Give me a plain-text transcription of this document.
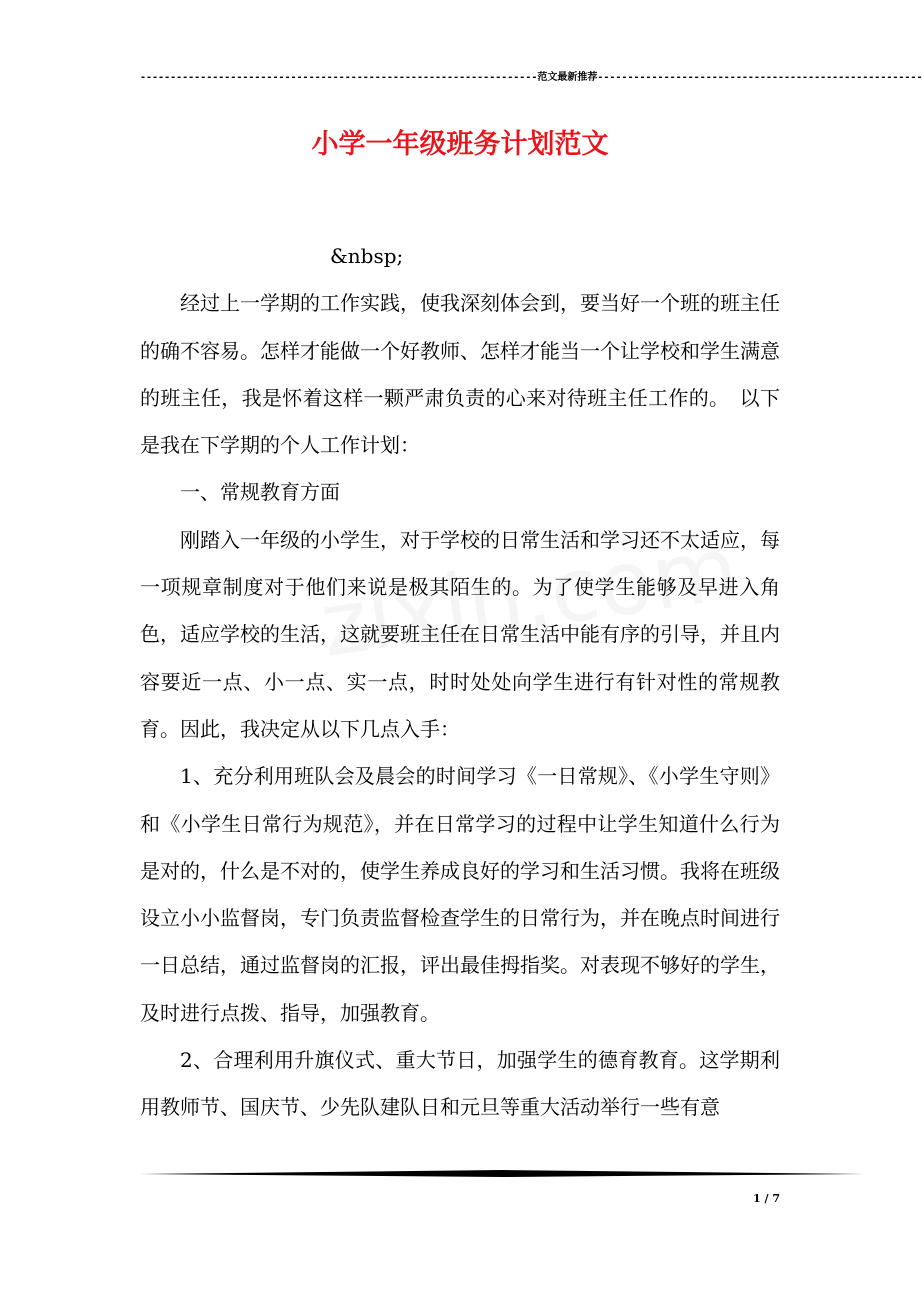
------------------------------------------------------------------范文最新推荐------------------------------------------------------
小学一年级班务计划范文

&nbsp;

经过上一学期的工作实践，使我深刻体会到，要当好一个班的班主任的确不容易。怎样才能做一个好教师、怎样才能当一个让学校和学生满意的班主任，我是怀着这样一颗严肃负责的心来对待班主任工作的。　以下是我在下学期的个人工作计划：

一、常规教育方面

刚踏入一年级的小学生，对于学校的日常生活和学习还不太适应，每一项规章制度对于他们来说是极其陌生的。为了使学生能够及早进入角色，适应学校的生活，这就要班主任在日常生活中能有序的引导，并且内容要近一点、小一点、实一点，时时处处向学生进行有针对性的常规教育。因此，我决定从以下几点入手：

1、充分利用班队会及晨会的时间学习《一日常规》、《小学生守则》和《小学生日常行为规范》，并在日常学习的过程中让学生知道什么行为是对的，什么是不对的，使学生养成良好的学习和生活习惯。我将在班级设立小小监督岗，专门负责监督检查学生的日常行为，并在晚点时间进行一日总结，通过监督岗的汇报，评出最佳拇指奖。对表现不够好的学生，及时进行点拨、指导，加强教育。

2、合理利用升旗仪式、重大节日，加强学生的德育教育。这学期利用教师节、国庆节、少先队建队日和元旦等重大活动举行一些有意

1 / 7
